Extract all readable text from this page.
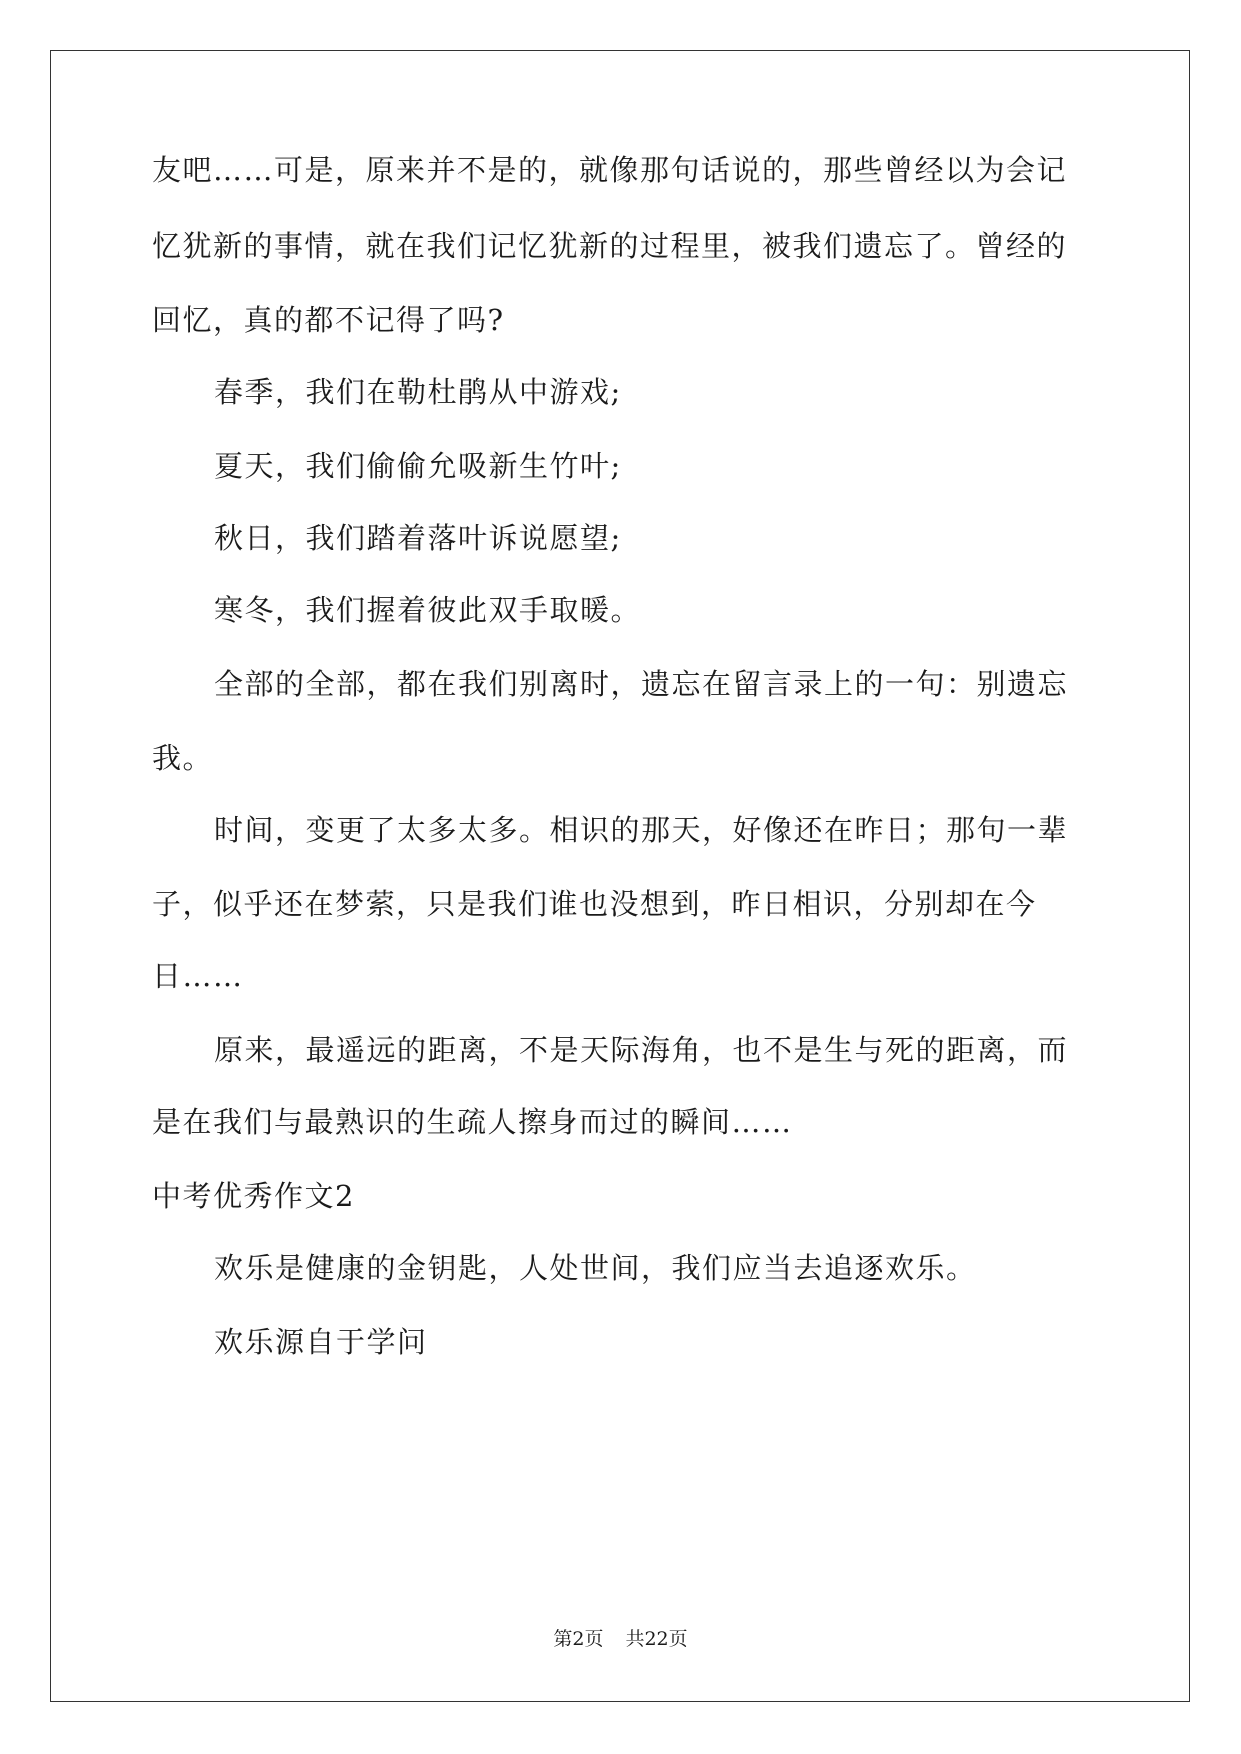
友吧……可是，原来并不是的，就像那句话说的，那些曾经以为会记
忆犹新的事情，就在我们记忆犹新的过程里，被我们遗忘了。曾经的
回忆，真的都不记得了吗?
春季，我们在勒杜鹃从中游戏;
夏天，我们偷偷允吸新生竹叶;
秋日，我们踏着落叶诉说愿望;
寒冬，我们握着彼此双手取暖。
全部的全部，都在我们别离时，遗忘在留言录上的一句：别遗忘
我。
时间，变更了太多太多。相识的那天，好像还在昨日；那句一辈
子，似乎还在梦萦，只是我们谁也没想到，昨日相识，分别却在今
日……
原来，最遥远的距离，不是天际海角，也不是生与死的距离，而
是在我们与最熟识的生疏人擦身而过的瞬间……
中考优秀作文2
欢乐是健康的金钥匙，人处世间，我们应当去追逐欢乐。
欢乐源自于学问
第2页 共22页
